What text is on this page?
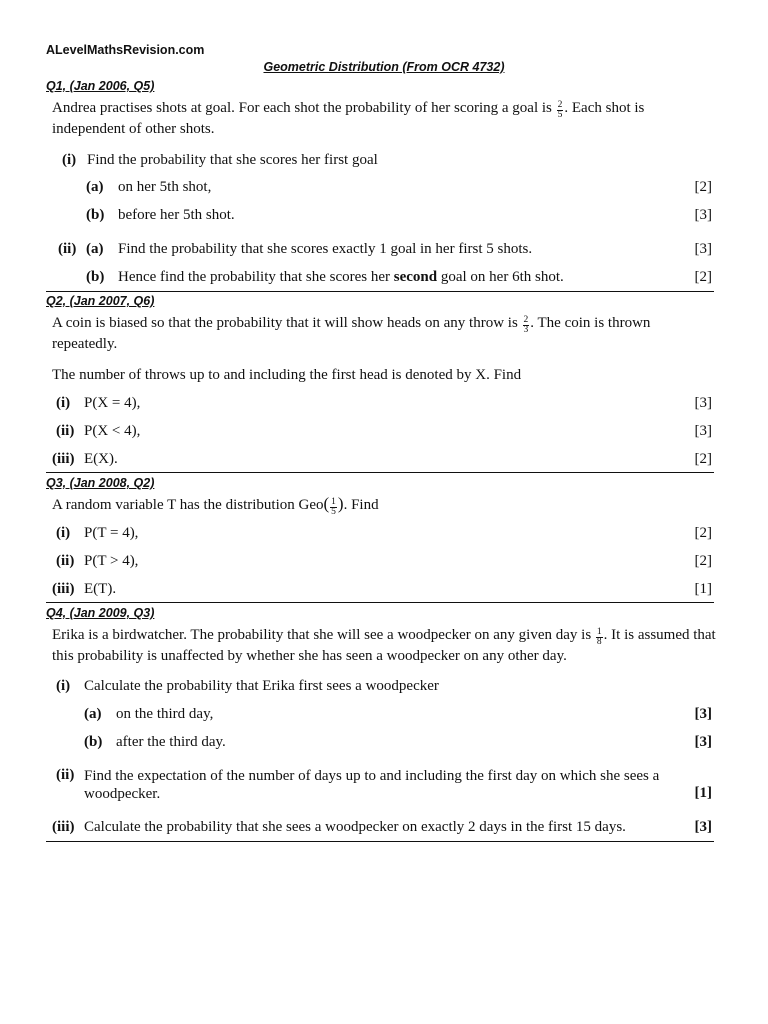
ALevelMathsRevision.com
Geometric Distribution (From OCR 4732)
Q1, (Jan 2006, Q5)
Andrea practises shots at goal. For each shot the probability of her scoring a goal is $\frac{2}{5}$ . Each shot is independent of other shots.
(i) Find the probability that she scores her first goal
(a) on her 5th shot,	[2]
(b) before her 5th shot.	[3]
(ii) (a) Find the probability that she scores exactly 1 goal in her first 5 shots.	[3]
(b) Hence find the probability that she scores her second goal on her 6th shot.	[2]
Q2, (Jan 2007, Q6)
A coin is biased so that the probability that it will show heads on any throw is $\frac{2}{3}$ . The coin is thrown repeatedly.
The number of throws up to and including the first head is denoted by X. Find
(i) P(X = 4),	[3]
(ii) P(X < 4),	[3]
(iii) E(X).	[2]
Q3, (Jan 2008, Q2)
A random variable T has the distribution $Geo( \frac{1}{5}$ ). Find
(i) P(T = 4),	[2]
(ii) P(T > 4),	[2]
(iii) E(T).	[1]
Q4, (Jan 2009, Q3)
Erika is a birdwatcher. The probability that she will see a woodpecker on any given day is $\frac{1}{8}$ . It is assumed that this probability is unaffected by whether she has seen a woodpecker on any other day.
(i) Calculate the probability that Erika first sees a woodpecker
(a) on the third day,	[3]
(b) after the third day.	[3]
(ii) Find the expectation of the number of days up to and including the first day on which she sees a woodpecker.	[1]
(iii) Calculate the probability that she sees a woodpecker on exactly 2 days in the first 15 days.	[3]
